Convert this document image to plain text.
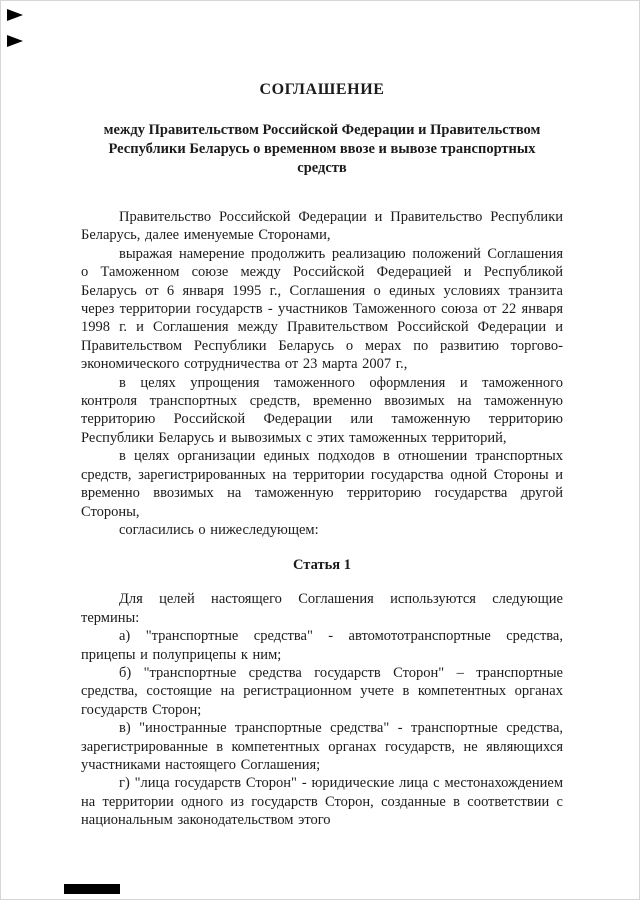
СОГЛАШЕНИЕ
между Правительством Российской Федерации и Правительством Республики Беларусь о временном ввозе и вывозе транспортных средств

Правительство Российской Федерации и Правительство Республики Беларусь, далее именуемые Сторонами,

выражая намерение продолжить реализацию положений Соглашения о Таможенном союзе между Российской Федерацией и Республикой Беларусь от 6 января 1995 г., Соглашения о единых условиях транзита через территории государств - участников Таможенного союза от 22 января 1998 г. и Соглашения между Правительством Российской Федерации и Правительством Республики Беларусь о мерах по развитию торгово-экономического сотрудничества от 23 марта 2007 г.,

в целях упрощения таможенного оформления и таможенного контроля транспортных средств, временно ввозимых на таможенную территорию Российской Федерации или таможенную территорию Республики Беларусь и вывозимых с этих таможенных территорий,

в целях организации единых подходов в отношении транспортных средств, зарегистрированных на территории государства одной Стороны и временно ввозимых на таможенную территорию государства другой Стороны,

согласились о нижеследующем:

Статья 1

Для целей настоящего Соглашения используются следующие термины:

а) "транспортные средства" - автомототранспортные средства, прицепы и полуприцепы к ним;

б) "транспортные средства государств Сторон" – транспортные средства, состоящие на регистрационном учете в компетентных органах государств Сторон;

в) "иностранные транспортные средства" - транспортные средства, зарегистрированные в компетентных органах государств, не являющихся участниками настоящего Соглашения;

г) "лица государств Сторон" - юридические лица с местонахождением на территории одного из государств Сторон, созданные в соответствии с национальным законодательством этого
